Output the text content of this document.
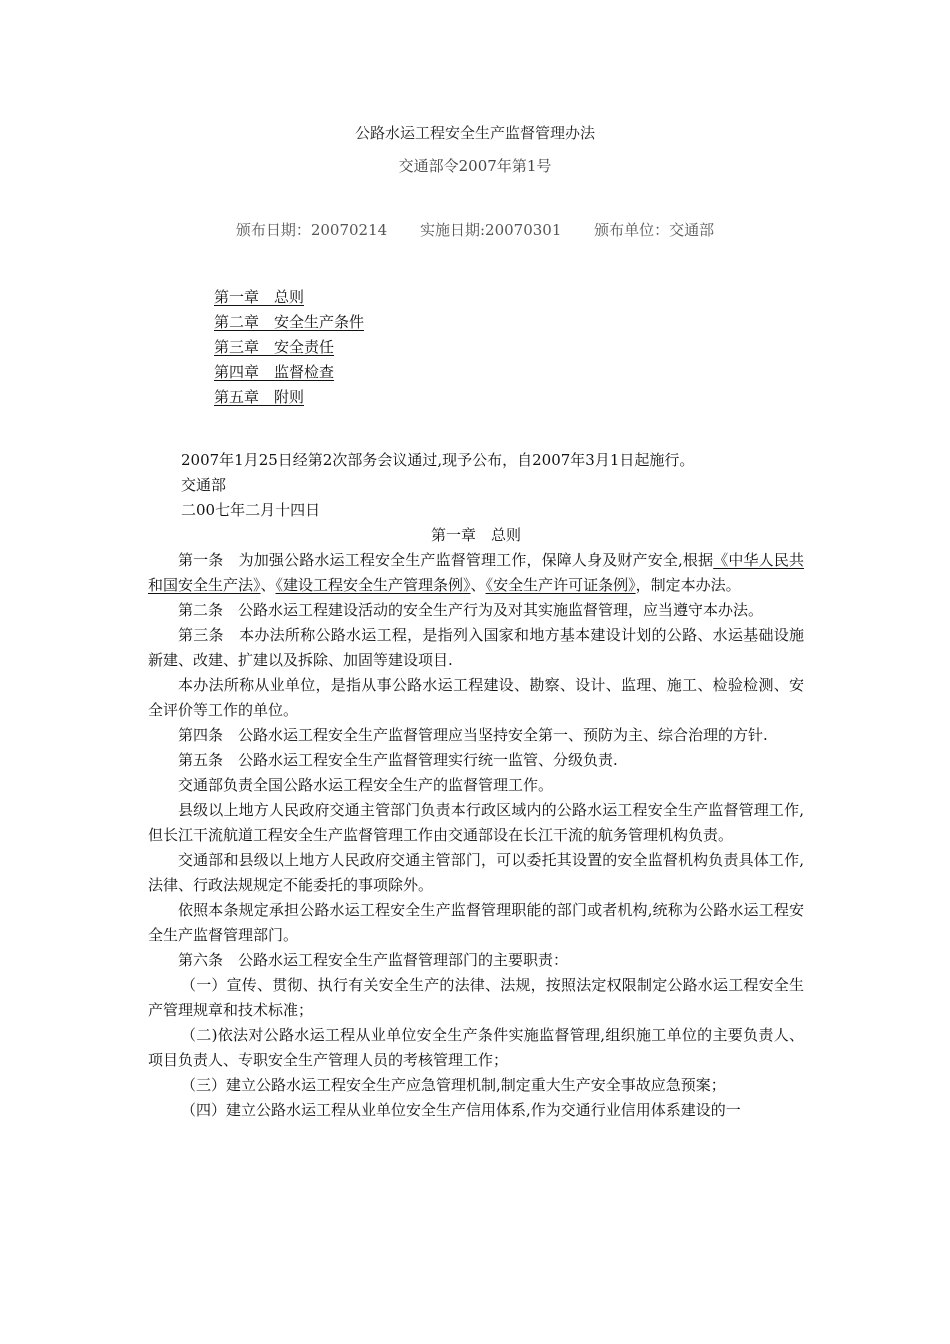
公路水运工程安全生产监督管理办法
交通部令2007年第1号
颁布日期：20070214 实施日期:20070301 颁布单位：交通部
第一章　总则
第二章　安全生产条件
第三章　安全责任
第四章　监督检查
第五章　附则

2007年1月25日经第2次部务会议通过,现予公布，自2007年3月1日起施行。

交通部

二00七年二月十四日

第一章　总则

第一条　为加强公路水运工程安全生产监督管理工作，保障人身及财产安全,根据《中华人民共和国安全生产法》、《建设工程安全生产管理条例》、《安全生产许可证条例》，制定本办法。

第二条　公路水运工程建设活动的安全生产行为及对其实施监督管理，应当遵守本办法。

第三条　本办法所称公路水运工程，是指列入国家和地方基本建设计划的公路、水运基础设施新建、改建、扩建以及拆除、加固等建设项目.

本办法所称从业单位，是指从事公路水运工程建设、勘察、设计、监理、施工、检验检测、安全评价等工作的单位。

第四条　公路水运工程安全生产监督管理应当坚持安全第一、预防为主、综合治理的方针.

第五条　公路水运工程安全生产监督管理实行统一监管、分级负责.

交通部负责全国公路水运工程安全生产的监督管理工作。

县级以上地方人民政府交通主管部门负责本行政区域内的公路水运工程安全生产监督管理工作,但长江干流航道工程安全生产监督管理工作由交通部设在长江干流的航务管理机构负责。

交通部和县级以上地方人民政府交通主管部门，可以委托其设置的安全监督机构负责具体工作,法律、行政法规规定不能委托的事项除外。

依照本条规定承担公路水运工程安全生产监督管理职能的部门或者机构,统称为公路水运工程安全生产监督管理部门。

第六条　公路水运工程安全生产监督管理部门的主要职责：

（一）宣传、贯彻、执行有关安全生产的法律、法规，按照法定权限制定公路水运工程安全生产管理规章和技术标准；

（二)依法对公路水运工程从业单位安全生产条件实施监督管理,组织施工单位的主要负责人、项目负责人、专职安全生产管理人员的考核管理工作；

（三）建立公路水运工程安全生产应急管理机制,制定重大生产安全事故应急预案；

（四）建立公路水运工程从业单位安全生产信用体系,作为交通行业信用体系建设的一
